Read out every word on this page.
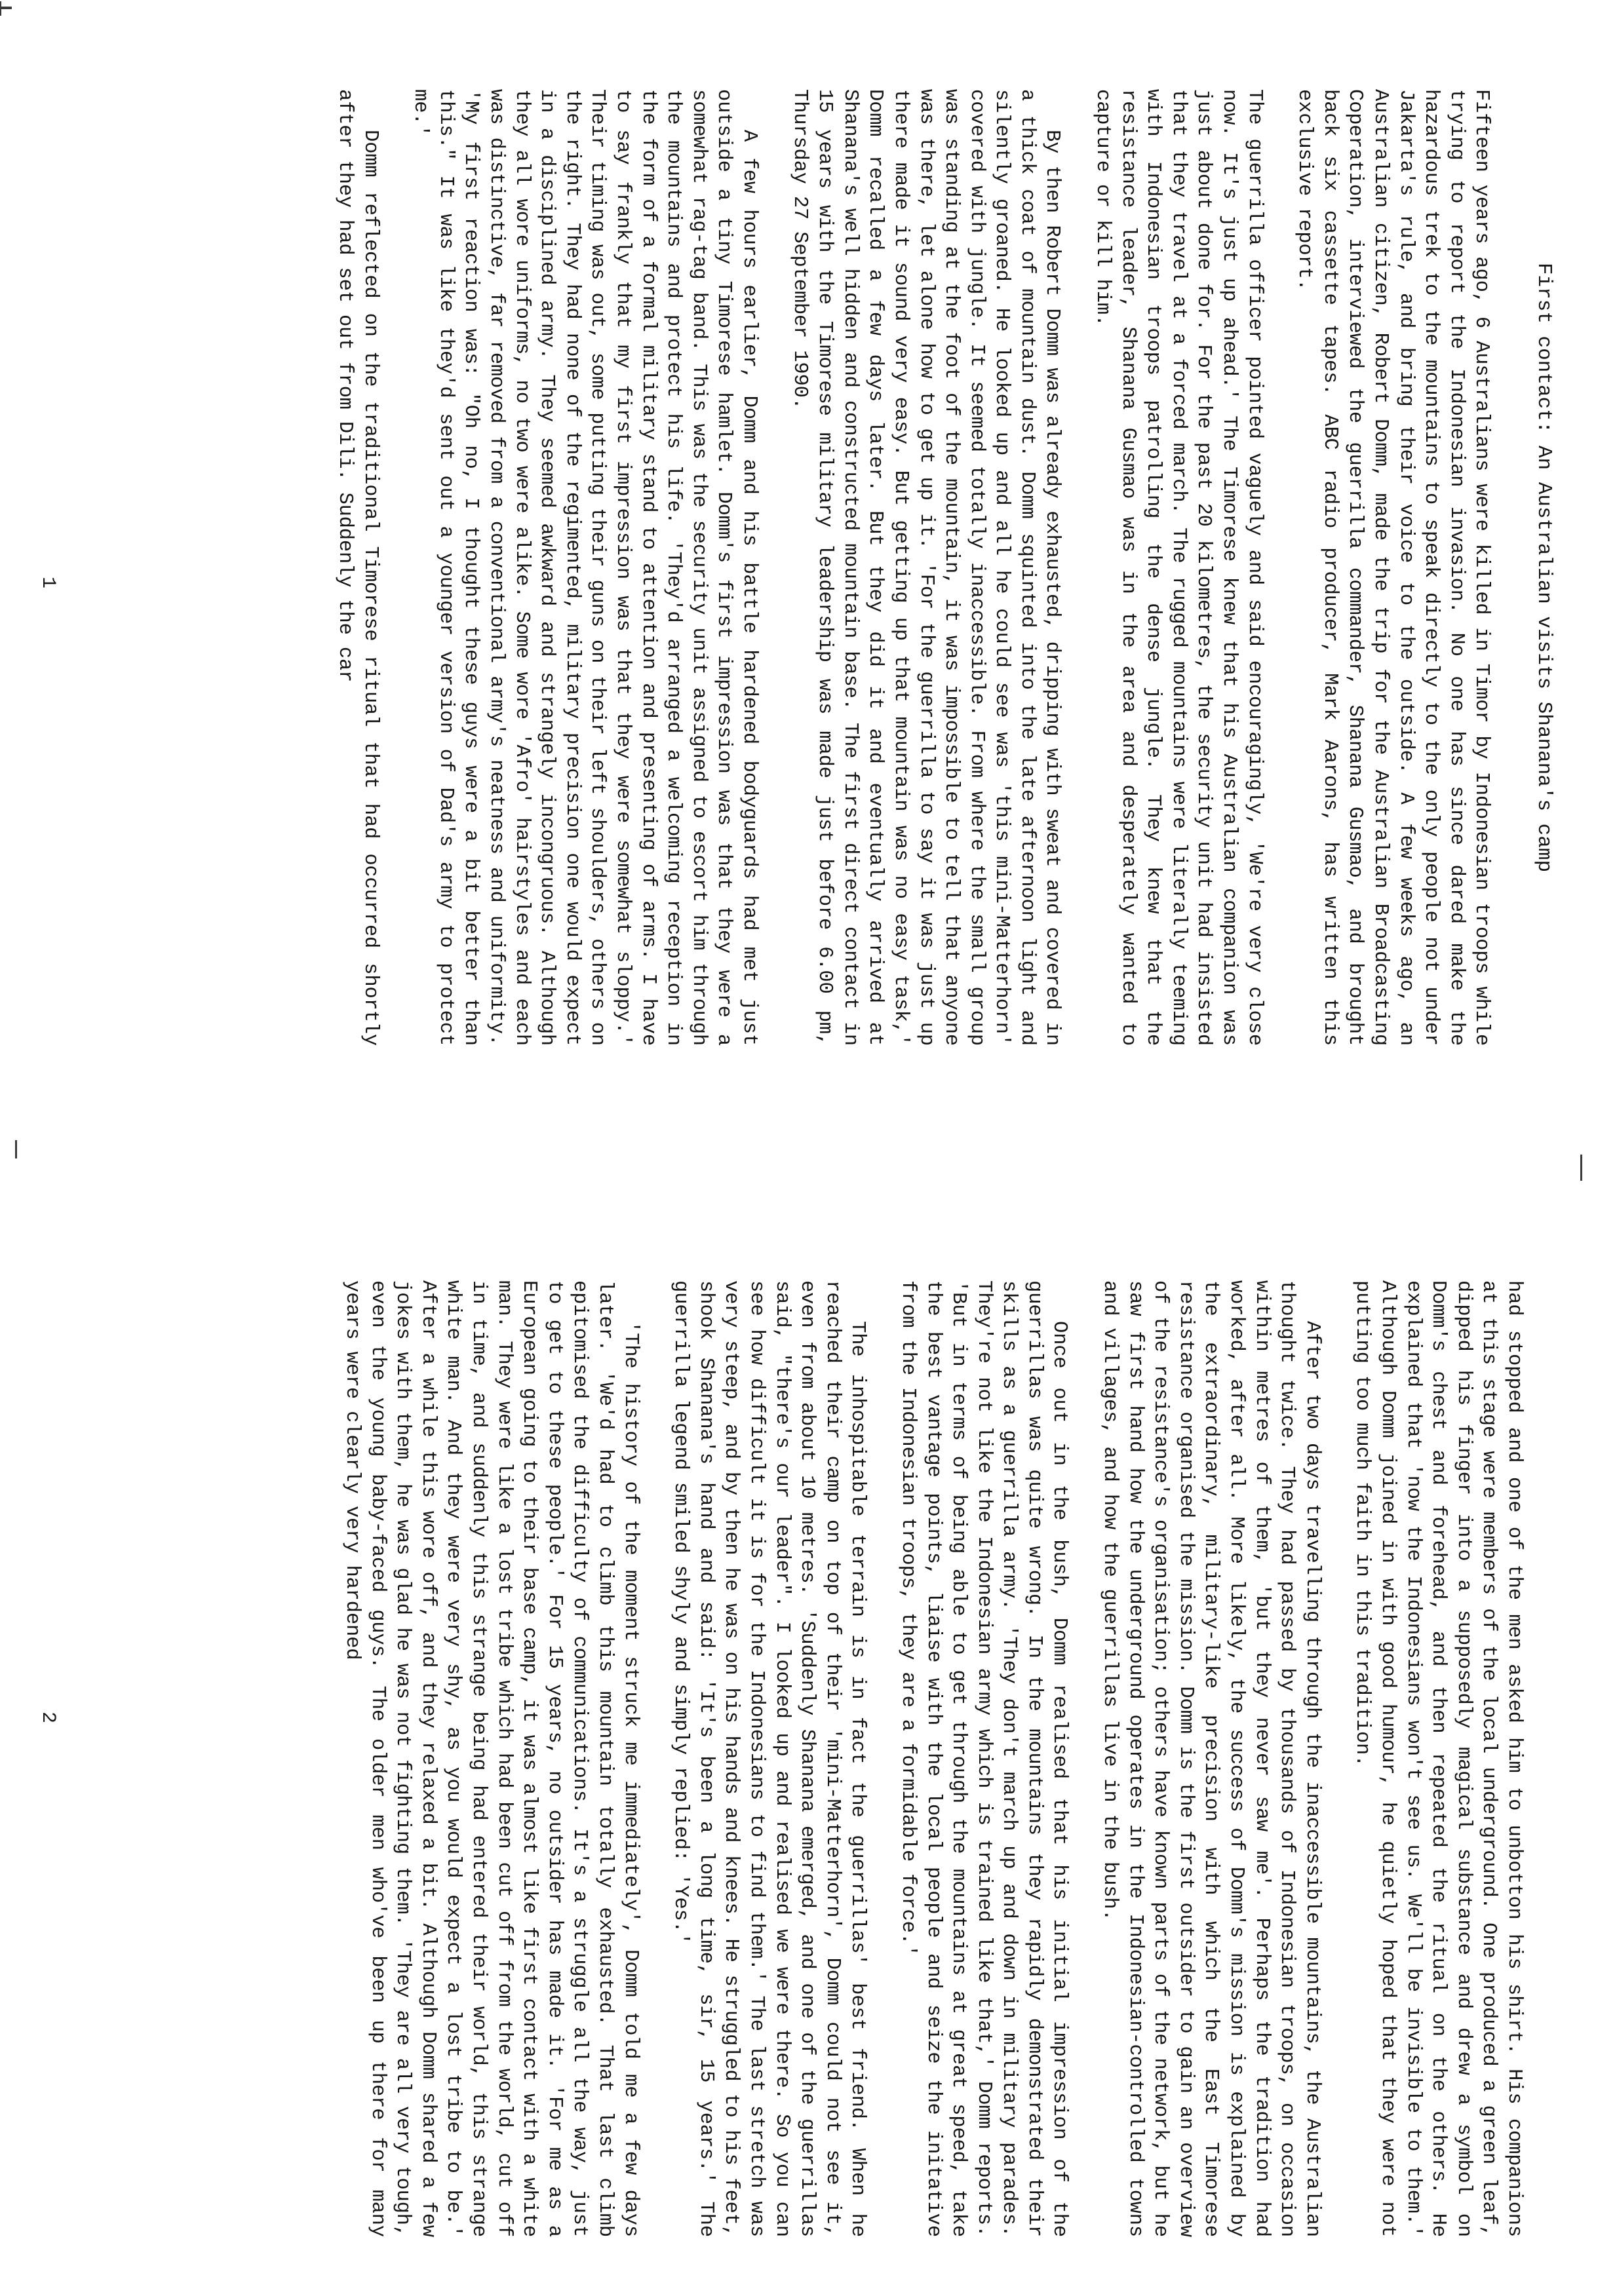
First contact: An Australian visits Shanana's camp

Fifteen years ago, 6 Australians were killed in Timor by Indonesian troops while trying to report the Indonesian invasion. No one has since dared make the hazardous trek to the mountains to speak directly to the only people not under Jakarta's rule, and bring their voice to the outside. A few weeks ago, an Australian citizen, Robert Domm, made the trip for the Australian Broadcasting Coperation, interviewed the guerrilla commander, Shanana Gusmao, and brought back six cassette tapes. ABC radio producer, Mark Aarons, has written this exclusive report.

The guerrilla officer pointed vaguely and said encouragingly, 'We're very close now. It's just up ahead.' The Timorese knew that his Australian companion was just about done for. For the past 20 kilometres, the security unit had insisted that they travel at a forced march. The rugged mountains were literally teeming with Indonesian troops patrolling the dense jungle. They knew that the resistance leader, Shanana Gusmao was in the area and desperately wanted to capture or kill him.

By then Robert Domm was already exhausted, dripping with sweat and covered in a thick coat of mountain dust. Domm squinted into the late afternoon light and silently groaned. He looked up and all he could see was 'this mini-Matterhorn' covered with jungle. It seemed totally inaccessible. From where the small group was standing at the foot of the mountain, it was impossible to tell that anyone was there, let alone how to get up it. 'For the guerrilla to say it was just up there made it sound very easy. But getting up that mountain was no easy task,' Domm recalled a few days later. But they did it and eventually arrived at Shanana's well hidden and constructed mountain base. The first direct contact in 15 years with the Timorese military leadership was made just before 6.00 pm, Thursday 27 September 1990.

A few hours earlier, Domm and his battle hardened bodyguards had met just outside a tiny Timorese hamlet. Domm's first impression was that they were a somewhat rag-tag band. This was the security unit assigned to escort him through the mountains and protect his life. 'They'd arranged a welcoming reception in the form of a formal military stand to attention and presenting of arms. I have to say frankly that my first impression was that they were somewhat sloppy.' Their timing was out, some putting their guns on their left shoulders, others on the right. They had none of the regimented, military precision one would expect in a disciplined army. They seemed awkward and strangely incongruous. Although they all wore uniforms, no two were alike. Some wore 'Afro' hairstyles and each was distinctive, far removed from a conventional army's neatness and uniformity. 'My first reaction was: "Oh no, I thought these guys were a bit better than this." It was like they'd sent out a younger version of Dad's army to protect me.'

Domm reflected on the traditional Timorese ritual that had occurred shortly after they had set out from Dili. Suddenly the car

1

had stopped and one of the men asked him to unbotton his shirt. His companions at this stage were members of the local underground. One produced a green leaf, dipped his finger into a supposedly magical substance and drew a symbol on Domm's chest and forehead, and then repeated the ritual on the others. He explained that 'now the Indonesians won't see us. We'll be invisible to them.' Although Domm joined in with good humour, he quietly hoped that they were not putting too much faith in this tradition.

After two days travelling through the inaccessible mountains, the Australian thought twice. They had passed by thousands of Indonesian troops, on occasion within metres of them, 'but they never saw me'. Perhaps the tradition had worked, after all. More likely, the success of Domm's mission is explained by the extraordinary, military-like precision with which the East Timorese resistance organised the mission. Domm is the first outsider to gain an overview of the resistance's organisation; others have known parts of the network, but he saw first hand how the underground operates in the Indonesian-controlled towns and villages, and how the guerrillas live in the bush.

Once out in the bush, Domm realised that his initial impression of the guerrillas was quite wrong. In the mountains they rapidly demonstrated their skills as a guerrilla army. 'They don't march up and down in military parades. They're not like the Indonesian army which is trained like that,' Domm reports. 'But in terms of being able to get through the mountains at great speed, take the best vantage points, liaise with the local people and seize the initative from the Indonesian troops, they are a formidable force.'

The inhospitable terrain is in fact the guerrillas' best friend. When he reached their camp on top of their 'mini-Matterhorn', Domm could not see it, even from about 10 metres. 'Suddenly Shanana emerged, and one of the guerrillas said, "there's our leader". I looked up and realised we were there. So you can see how difficult it is for the Indonesians to find them.' The last stretch was very steep, and by then he was on his hands and knees. He struggled to his feet, shook Shanana's hand and said: 'It's been a long time, sir, 15 years.' The guerrilla legend smiled shyly and simply replied: 'Yes.'

'The history of the moment struck me immediately', Domm told me a few days later. 'We'd had to climb this mountain totally exhausted. That last climb epitomised the difficulty of communications. It's a struggle all the way, just to get to these people.' For 15 years, no outsider has made it. 'For me as a European going to their base camp, it was almost like first contact with a white man. They were like a lost tribe which had been cut off from the world, cut off in time, and suddenly this strange being had entered their world, this strange white man. And they were very shy, as you would expect a lost tribe to be.' After a while this wore off, and they relaxed a bit. Although Domm shared a few jokes with them, he was glad he was not fighting them. 'They are all very tough, even the young baby-faced guys. The older men who've been up there for many years were clearly very hardened

2
